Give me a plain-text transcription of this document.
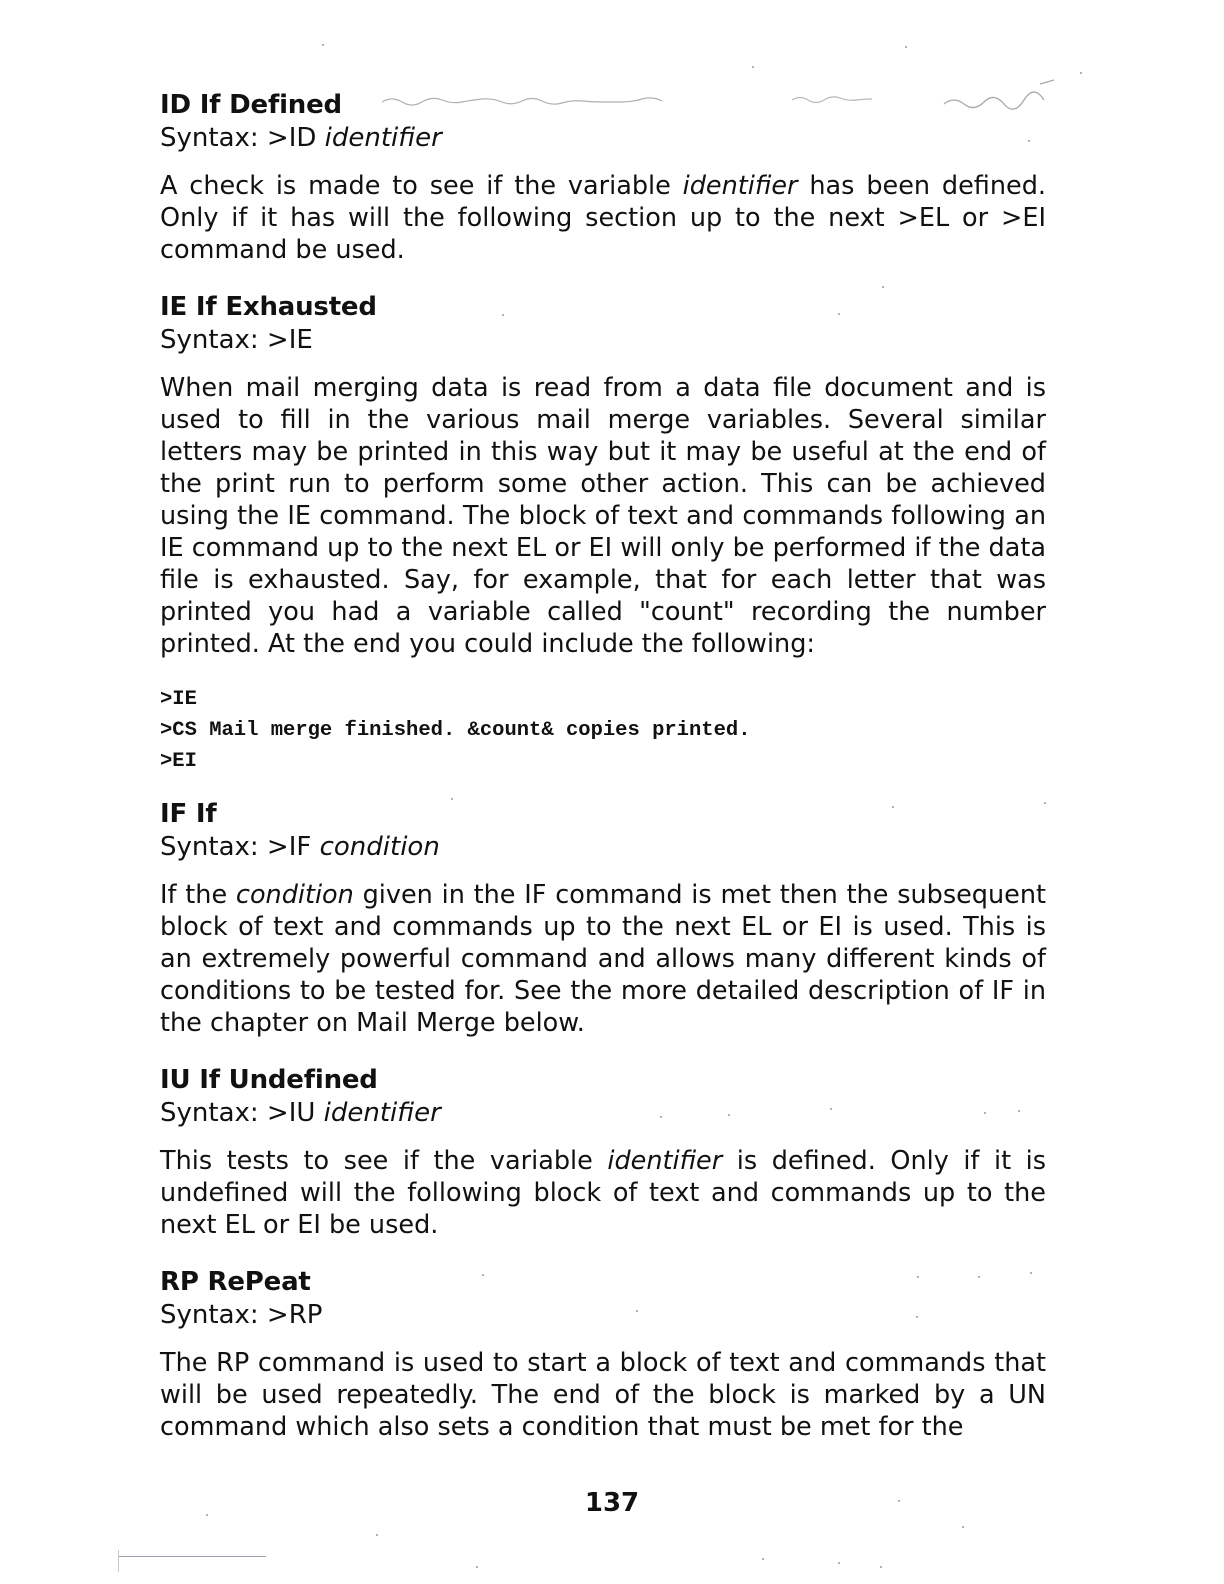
ID If Defined

Syntax: >ID identifier

A check is made to see if the variable identifier has been defined. Only if it has will the following section up to the next >EL or >EI command be used.

IE If Exhausted

Syntax: >IE

When mail merging data is read from a data file document and is used to fill in the various mail merge variables. Several similar letters may be printed in this way but it may be useful at the end of the print run to perform some other action. This can be achieved using the IE command. The block of text and commands following an IE command up to the next EL or EI will only be performed if the data file is exhausted. Say, for example, that for each letter that was printed you had a variable called "count" recording the number printed. At the end you could include the following:

>IE
>CS Mail merge finished. &count& copies printed.
>EI

IF If

Syntax: >IF condition

If the condition given in the IF command is met then the subsequent block of text and commands up to the next EL or EI is used. This is an extremely powerful command and allows many different kinds of conditions to be tested for. See the more detailed description of IF in the chapter on Mail Merge below.

IU If Undefined

Syntax: >IU identifier

This tests to see if the variable identifier is defined. Only if it is undefined will the following block of text and commands up to the next EL or EI be used.

RP RePeat

Syntax: >RP

The RP command is used to start a block of text and commands that will be used repeatedly. The end of the block is marked by a UN command which also sets a condition that must be met for the

137
